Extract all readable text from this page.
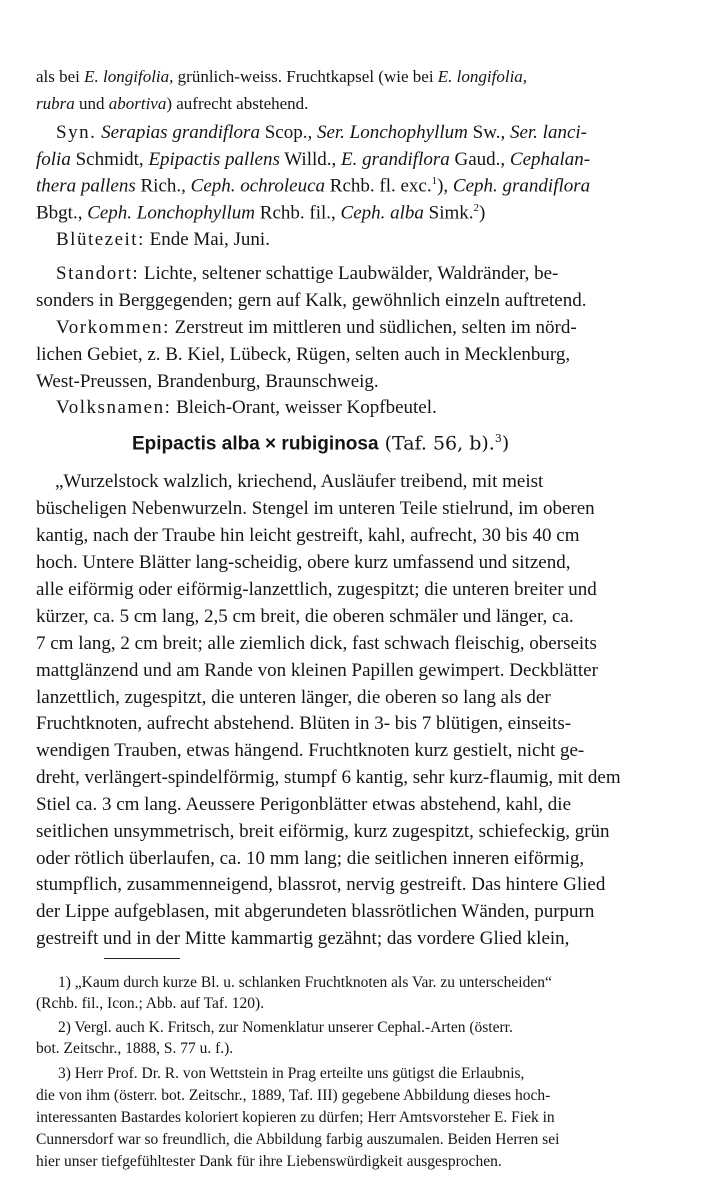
als bei E. longifolia, grünlich-weiss. Fruchtkapsel (wie bei E. longifolia,
rubra und abortiva) aufrecht abstehend.
Syn. Serapias grandiflora Scop., Ser. Lonchophyllum Sw., Ser. lanci-
folia Schmidt, Epipactis pallens Willd., E. grandiflora Gaud., Cephalan-
thera pallens Rich., Ceph. ochroleuca Rchb. fl. exc.$^1$), Ceph. grandiflora
Bbgt., Ceph. Lonchophyllum Rchb. fil., Ceph. alba Simk.$^2$)
Blütezeit: Ende Mai, Juni.
Standort: Lichte, seltener schattige Laubwälder, Waldränder, be-
sonders in Berggegenden; gern auf Kalk, gewöhnlich einzeln auftretend.
Vorkommen: Zerstreut im mittleren und südlichen, selten im nörd-
lichen Gebiet, z. B. Kiel, Lübeck, Rügen, selten auch in Mecklenburg,
West-Preussen, Brandenburg, Braunschweig.
Volksnamen: Bleich-Orant, weisser Kopfbeutel.
Epipactis alba × rubiginosa (Taf. 56, b).$^3$)
„Wurzelstock walzlich, kriechend, Ausläufer treibend, mit meist
büscheligen Nebenwurzeln. Stengel im unteren Teile stielrund, im oberen
kantig, nach der Traube hin leicht gestreift, kahl, aufrecht, 30 bis 40 cm
hoch. Untere Blätter lang-scheidig, obere kurz umfassend und sitzend,
alle eiförmig oder eiförmig-lanzettlich, zugespitzt; die unteren breiter und
kürzer, ca. 5 cm lang, 2,5 cm breit, die oberen schmäler und länger, ca.
7 cm lang, 2 cm breit; alle ziemlich dick, fast schwach fleischig, oberseits
mattglänzend und am Rande von kleinen Papillen gewimpert. Deckblätter
lanzettlich, zugespitzt, die unteren länger, die oberen so lang als der
Fruchtknoten, aufrecht abstehend. Blüten in 3- bis 7 blütigen, einseits-
wendigen Trauben, etwas hängend. Fruchtknoten kurz gestielt, nicht ge-
dreht, verlängert-spindelförmig, stumpf 6 kantig, sehr kurz-flaumig, mit dem
Stiel ca. 3 cm lang. Aeussere Perigonblätter etwas abstehend, kahl, die
seitlichen unsymmetrisch, breit eiförmig, kurz zugespitzt, schiefeckig, grün
oder rötlich überlaufen, ca. 10 mm lang; die seitlichen inneren eiförmig,
stumpflich, zusammenneigend, blassrot, nervig gestreift. Das hintere Glied
der Lippe aufgeblasen, mit abgerundeten blassrötlichen Wänden, purpurn
gestreift und in der Mitte kammartig gezähnt; das vordere Glied klein,
1) „Kaum durch kurze Bl. u. schlanken Fruchtknoten als Var. zu unterscheiden“
(Rchb. fil., Icon.; Abb. auf Taf. 120).
2) Vergl. auch K. Fritsch, zur Nomenklatur unserer Cephal.-Arten (österr.
bot. Zeitschr., 1888, S. 77 u. f.).
3) Herr Prof. Dr. R. von Wettstein in Prag erteilte uns gütigst die Erlaubnis,
die von ihm (österr. bot. Zeitschr., 1889, Taf. III) gegebene Abbildung dieses hoch-
interessanten Bastardes koloriert kopieren zu dürfen; Herr Amtsvorsteher E. Fiek in
Cunnersdorf war so freundlich, die Abbildung farbig auszumalen. Beiden Herren sei
hier unser tiefgefühltester Dank für ihre Liebenswürdigkeit ausgesprochen.
